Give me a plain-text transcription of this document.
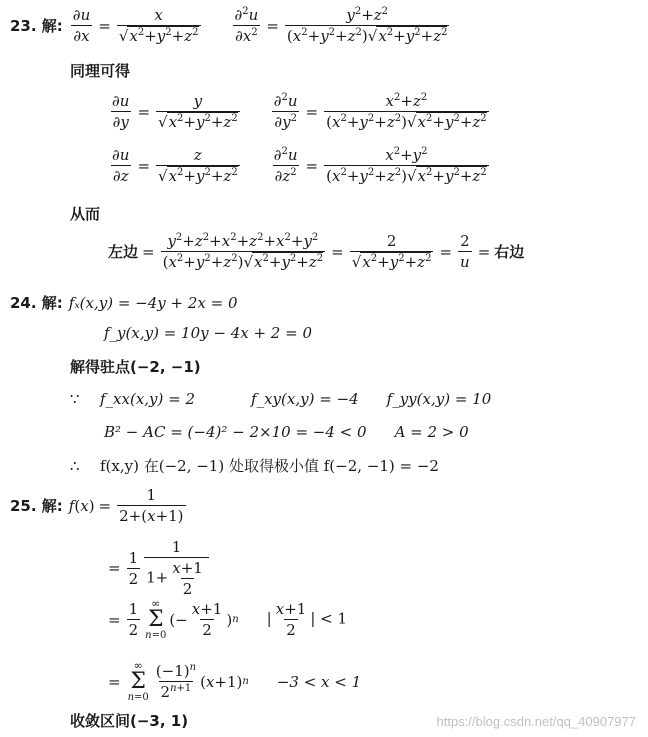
23. 解: $\frac{\partial u}{\partial x} = \frac{x}{√x^2+y^2+z^2} \frac{\partial^2u}{\partial x^2} = \frac{y^2+z^2}{(x^2+y^2+z^2)√x^2+y^2+z^2}$
同理可得
$\frac{\partial u}{\partial y} = \frac{y}{√x^2+y^2+z^2} \frac{\partial^2u}{\partial y^2} = \frac{x^2+z^2}{(x^2+y^2+z^2)√x^2+y^2+z^2}$
$\frac{\partial u}{\partial z} = \frac{z}{√x^2+y^2+z^2} \frac{\partial^2u}{\partial z^2} = \frac{x^2+y^2}{(x^2+y^2+z^2)√x^2+y^2+z^2}$
从而
左边 = $\frac{y^2+z^2+x^2+z^2+x^2+y^2}{(x^2+y^2+z^2)√x^2+y^2+z^2} = \frac{2}{√x^2+y^2+z^2} = \frac{2}{u}$ = 右边
24. 解: fₓ(x,y) = −4y + 2x = 0
f_y(x,y) = 10y − 4x + 2 = 0
解得驻点(−2, −1)
∵	f_xx(x,y) = 2	f_xy(x,y) = −4 f_yy(x,y) = 10
B² − AC = (−4)² − 2×10 = −4 < 0 A = 2 > 0
∴	f(x,y) 在(−2, −1) 处取得极小值 f(−2, −1) = −2
25. 解: f ( x ) = $\frac{1}{2+(x+1)}$
= $\frac{1}{2} \frac{1}{1+ \frac{x+1}{2}}$
= $\frac{1}{2}$ ∞
Σ
n=0
(− $\frac{x+1}{2}$ ) n | $\frac{x+1}{2}$ | < 1
=
∞
Σ
$n=0 \frac{(-1)^n}{2^{n+1}}$ ( x +1) n −3 < x < 1
收敛区间(−3, 1)	https://blog.csdn.net/qq_40907977
